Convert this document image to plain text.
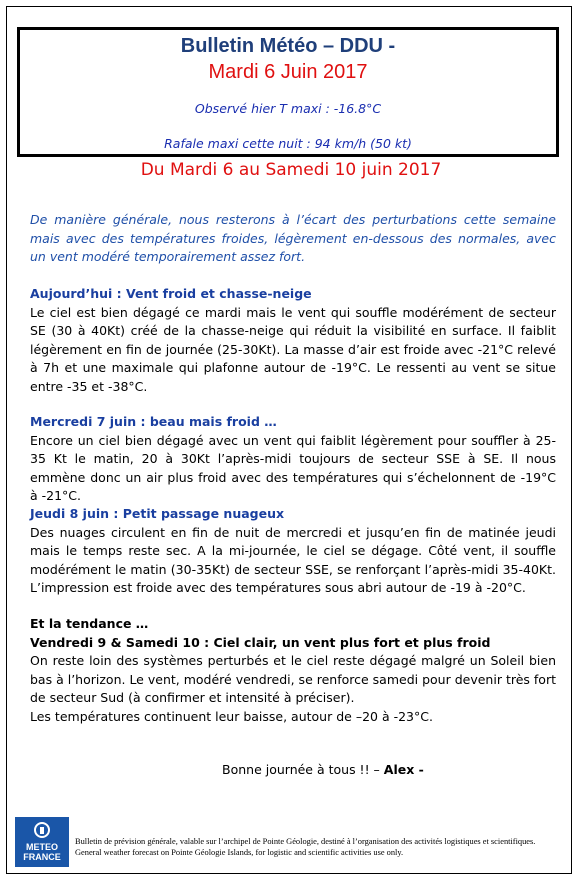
Bulletin Météo – DDU -
Mardi 6 Juin 2017
Observé hier T maxi : -16.8°C
Rafale maxi cette nuit : 94 km/h (50 kt)
Du Mardi 6 au Samedi 10 juin 2017
De manière générale, nous resterons à l’écart des perturbations cette semaine mais avec des températures froides, légèrement en-dessous des normales, avec un vent modéré temporairement assez fort.
Aujourd’hui : Vent froid et chasse-neige
Le ciel est bien dégagé ce mardi mais le vent qui souffle modérément de secteur SE (30 à 40Kt) créé de la chasse-neige qui réduit la visibilité en surface. Il faiblit légèrement en fin de journée (25-30Kt). La masse d’air est froide avec -21°C relevé à 7h et une maximale qui plafonne autour de -19°C. Le ressenti au vent se situe entre -35 et -38°C.
Mercredi 7 juin : beau mais froid …
Encore un ciel bien dégagé avec un vent qui faiblit légèrement pour souffler à 25-35 Kt le matin, 20 à 30Kt l’après-midi toujours de secteur SSE à SE. Il nous emmène donc un air plus froid avec des températures qui s’échelonnent de -19°C à -21°C.
Jeudi 8 juin : Petit passage nuageux
Des nuages circulent en fin de nuit de mercredi et jusqu’en fin de matinée jeudi mais le temps reste sec. A la mi-journée, le ciel se dégage. Côté vent, il souffle modérément le matin (30-35Kt) de secteur SSE, se renforçant l’après-midi 35-40Kt. L’impression est froide avec des températures sous abri autour de -19 à -20°C.
Et la tendance …
Vendredi 9 & Samedi 10 : Ciel clair, un vent plus fort et plus froid
On reste loin des systèmes perturbés et le ciel reste dégagé malgré un Soleil bien bas à l’horizon. Le vent, modéré vendredi, se renforce samedi pour devenir très fort de secteur Sud (à confirmer et intensité à préciser).
Les températures continuent leur baisse, autour de –20 à -23°C.
Bonne journée à tous !! – Alex -
METEO
FRANCE
Bulletin de prévision générale, valable sur l’archipel de Pointe Géologie, destiné à l’organisation des activités logistiques et scientifiques.
General weather forecast on Pointe Géologie Islands, for logistic and scientific activities use only.
